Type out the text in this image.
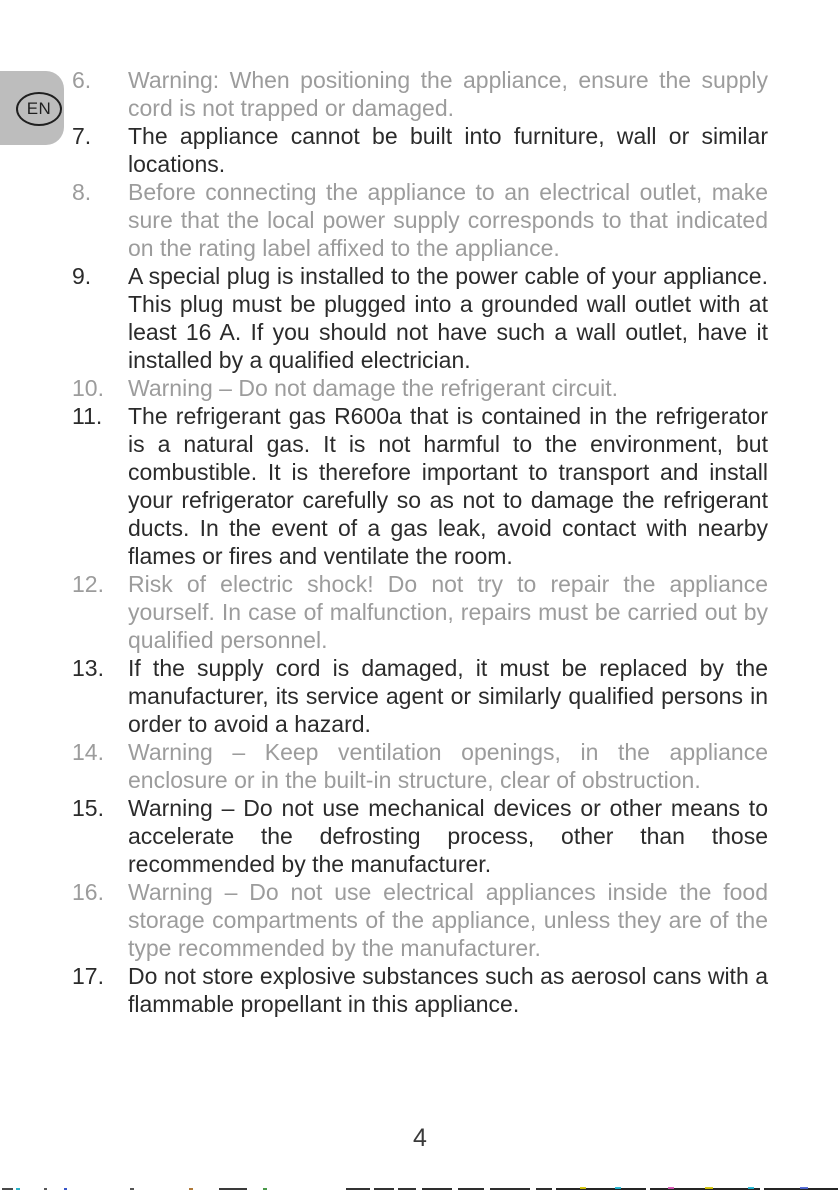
EN
6.	Warning: When positioning the appliance, ensure the supply cord is not trapped or damaged.
7.	The appliance cannot be built into furniture, wall or similar locations.
8.	Before connecting the appliance to an electrical outlet, make sure that the local power supply corresponds to that indicated on the rating label affixed to the appliance.
9.	A special plug is installed to the power cable of your appliance. This plug must be plugged into a grounded wall outlet with at least 16 A. If you should not have such a wall outlet, have it installed by a qualified electrician.
10.	Warning – Do not damage the refrigerant circuit.
11.	The refrigerant gas R600a that is contained in the refrigerator is a natural gas. It is not harmful to the environment, but combustible. It is therefore important to transport and install your refrigerator carefully so as not to damage the refrigerant ducts. In the event of a gas leak, avoid contact with nearby flames or fires and ventilate the room.
12.	Risk of electric shock! Do not try to repair the appliance yourself. In case of malfunction, repairs must be carried out by qualified personnel.
13.	If the supply cord is damaged, it must be replaced by the manufacturer, its service agent or similarly qualified persons in order to avoid a hazard.
14.	Warning – Keep ventilation openings, in the appliance enclosure or in the built-in structure, clear of obstruction.
15.	Warning – Do not use mechanical devices or other means to accelerate the defrosting process, other than those recommended by the manufacturer.
16.	Warning – Do not use electrical appliances inside the food storage compartments of the appliance, unless they are of the type recommended by the manufacturer.
17.	Do not store explosive substances such as aerosol cans with a flammable propellant in this appliance.
4
